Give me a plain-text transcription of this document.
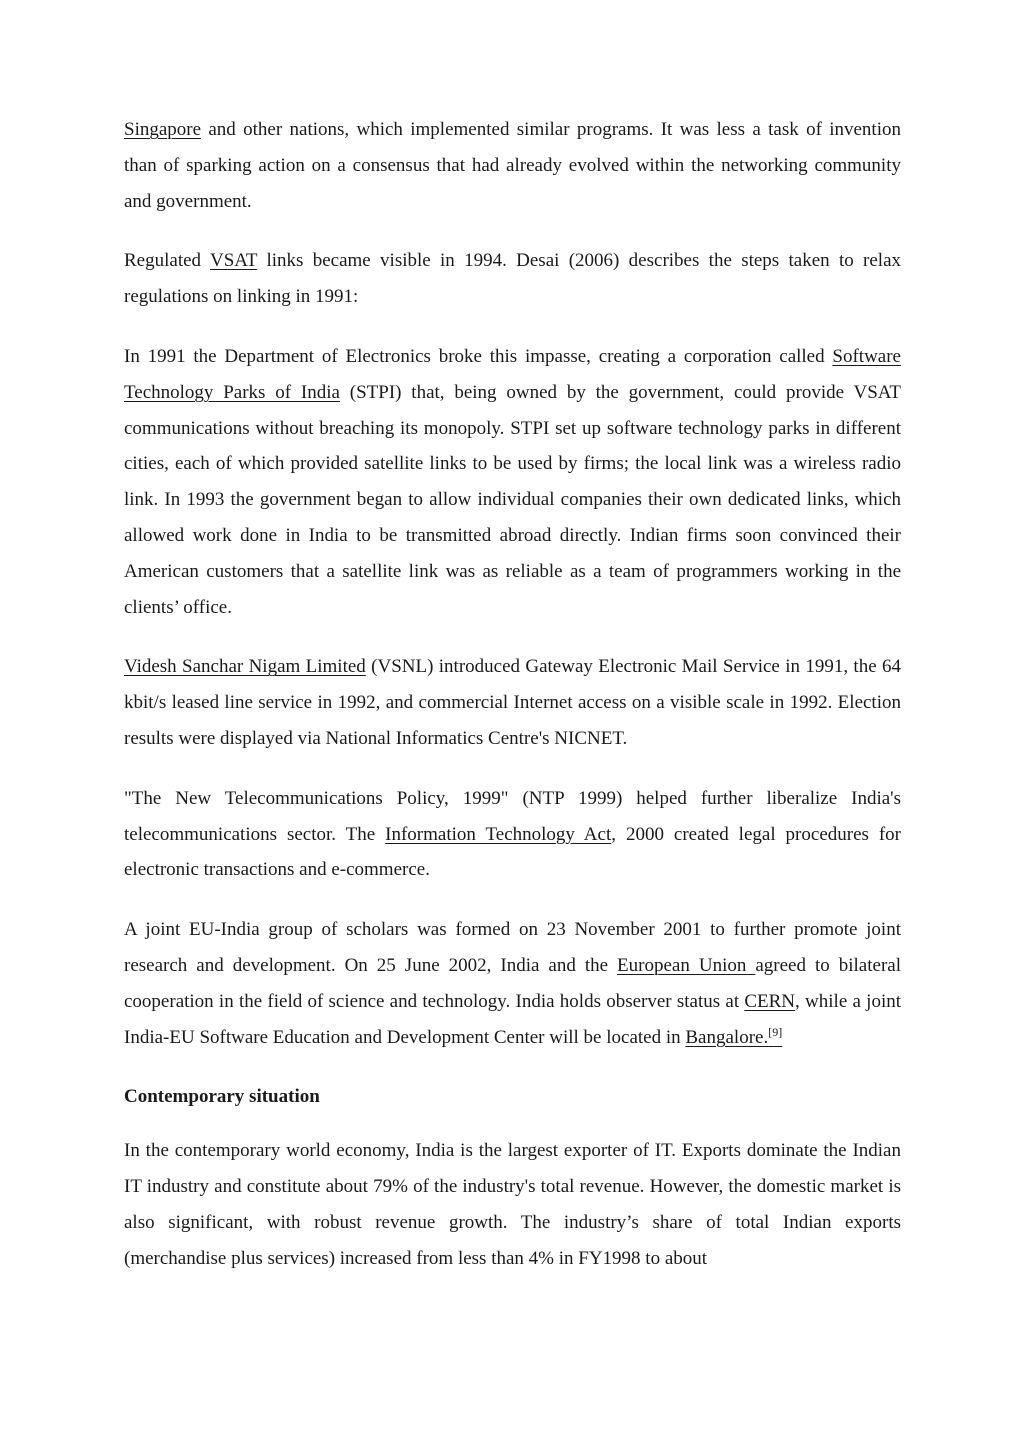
Singapore and other nations, which implemented similar programs. It was less a task of invention than of sparking action on a consensus that had already evolved within the networking community and government.

Regulated VSAT links became visible in 1994. Desai (2006) describes the steps taken to relax regulations on linking in 1991:

In 1991 the Department of Electronics broke this impasse, creating a corporation called Software Technology Parks of India (STPI) that, being owned by the government, could provide VSAT communications without breaching its monopoly. STPI set up software technology parks in different cities, each of which provided satellite links to be used by firms; the local link was a wireless radio link. In 1993 the government began to allow individual companies their own dedicated links, which allowed work done in India to be transmitted abroad directly. Indian firms soon convinced their American customers that a satellite link was as reliable as a team of programmers working in the clients’ office.

Videsh Sanchar Nigam Limited (VSNL) introduced Gateway Electronic Mail Service in 1991, the 64 kbit/s leased line service in 1992, and commercial Internet access on a visible scale in 1992. Election results were displayed via National Informatics Centre's NICNET.

"The New Telecommunications Policy, 1999" (NTP 1999) helped further liberalize India's telecommunications sector. The Information Technology Act, 2000 created legal procedures for electronic transactions and e-commerce.

A joint EU-India group of scholars was formed on 23 November 2001 to further promote joint research and development. On 25 June 2002, India and the European Union agreed to bilateral cooperation in the field of science and technology. India holds observer status at CERN, while a joint India-EU Software Education and Development Center will be located in Bangalore.[9]

Contemporary situation

In the contemporary world economy, India is the largest exporter of IT. Exports dominate the Indian IT industry and constitute about 79% of the industry's total revenue. However, the domestic market is also significant, with robust revenue growth. The industry’s share of total Indian exports (merchandise plus services) increased from less than 4% in FY1998 to about
